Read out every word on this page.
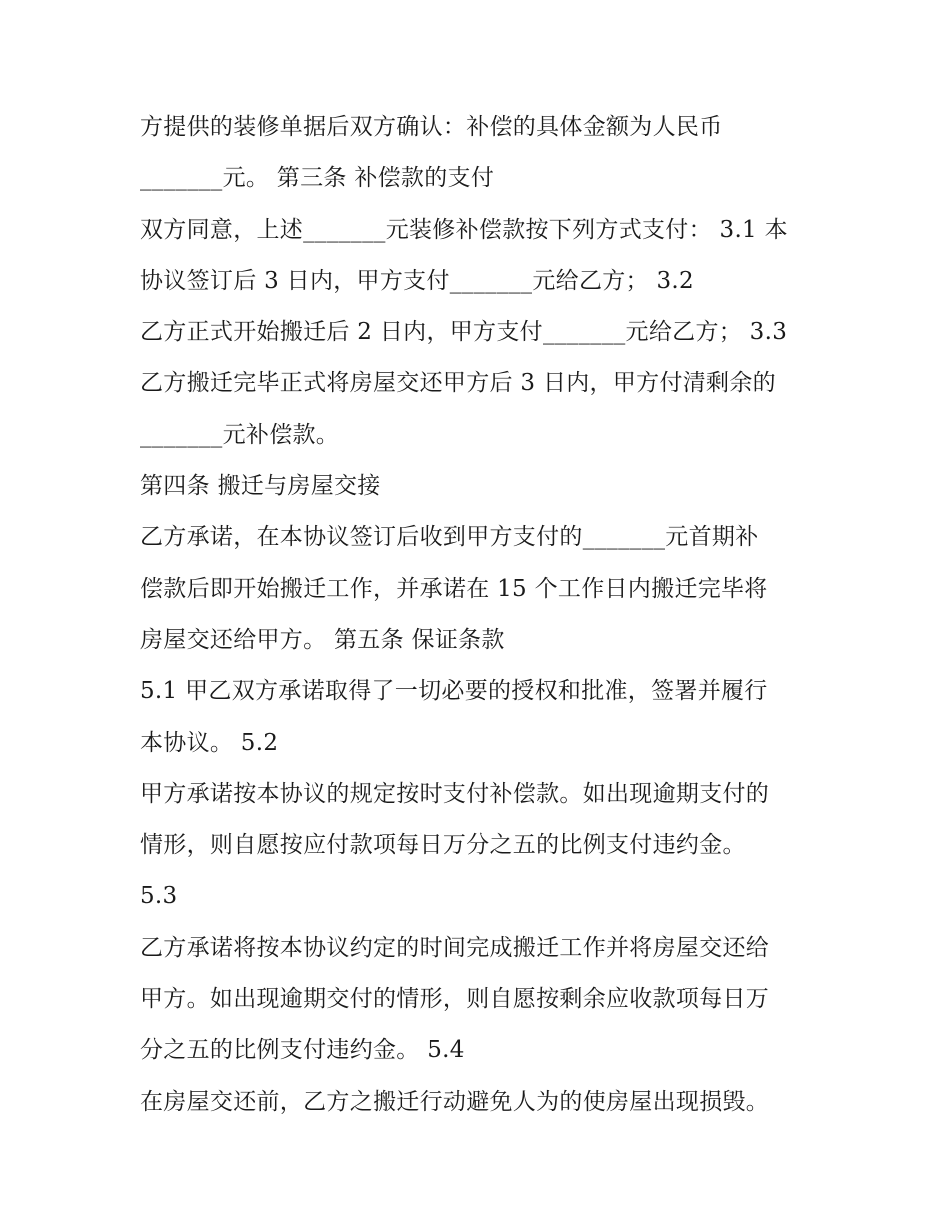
方提供的装修单据后双方确认：补偿的具体金额为人民币
_______元。 第三条 补偿款的支付
双方同意，上述_______元装修补偿款按下列方式支付： 3.1 本
协议签订后 3 日内，甲方支付_______元给乙方； 3.2
乙方正式开始搬迁后 2 日内，甲方支付_______元给乙方； 3.3
乙方搬迁完毕正式将房屋交还甲方后 3 日内，甲方付清剩余的
_______元补偿款。
第四条 搬迁与房屋交接
乙方承诺，在本协议签订后收到甲方支付的_______元首期补
偿款后即开始搬迁工作，并承诺在 15 个工作日内搬迁完毕将
房屋交还给甲方。 第五条 保证条款
5.1 甲乙双方承诺取得了一切必要的授权和批准，签署并履行
本协议。 5.2
甲方承诺按本协议的规定按时支付补偿款。如出现逾期支付的
情形，则自愿按应付款项每日万分之五的比例支付违约金。
5.3
乙方承诺将按本协议约定的时间完成搬迁工作并将房屋交还给
甲方。如出现逾期交付的情形，则自愿按剩余应收款项每日万
分之五的比例支付违约金。 5.4
在房屋交还前，乙方之搬迁行动避免人为的使房屋出现损毁。
